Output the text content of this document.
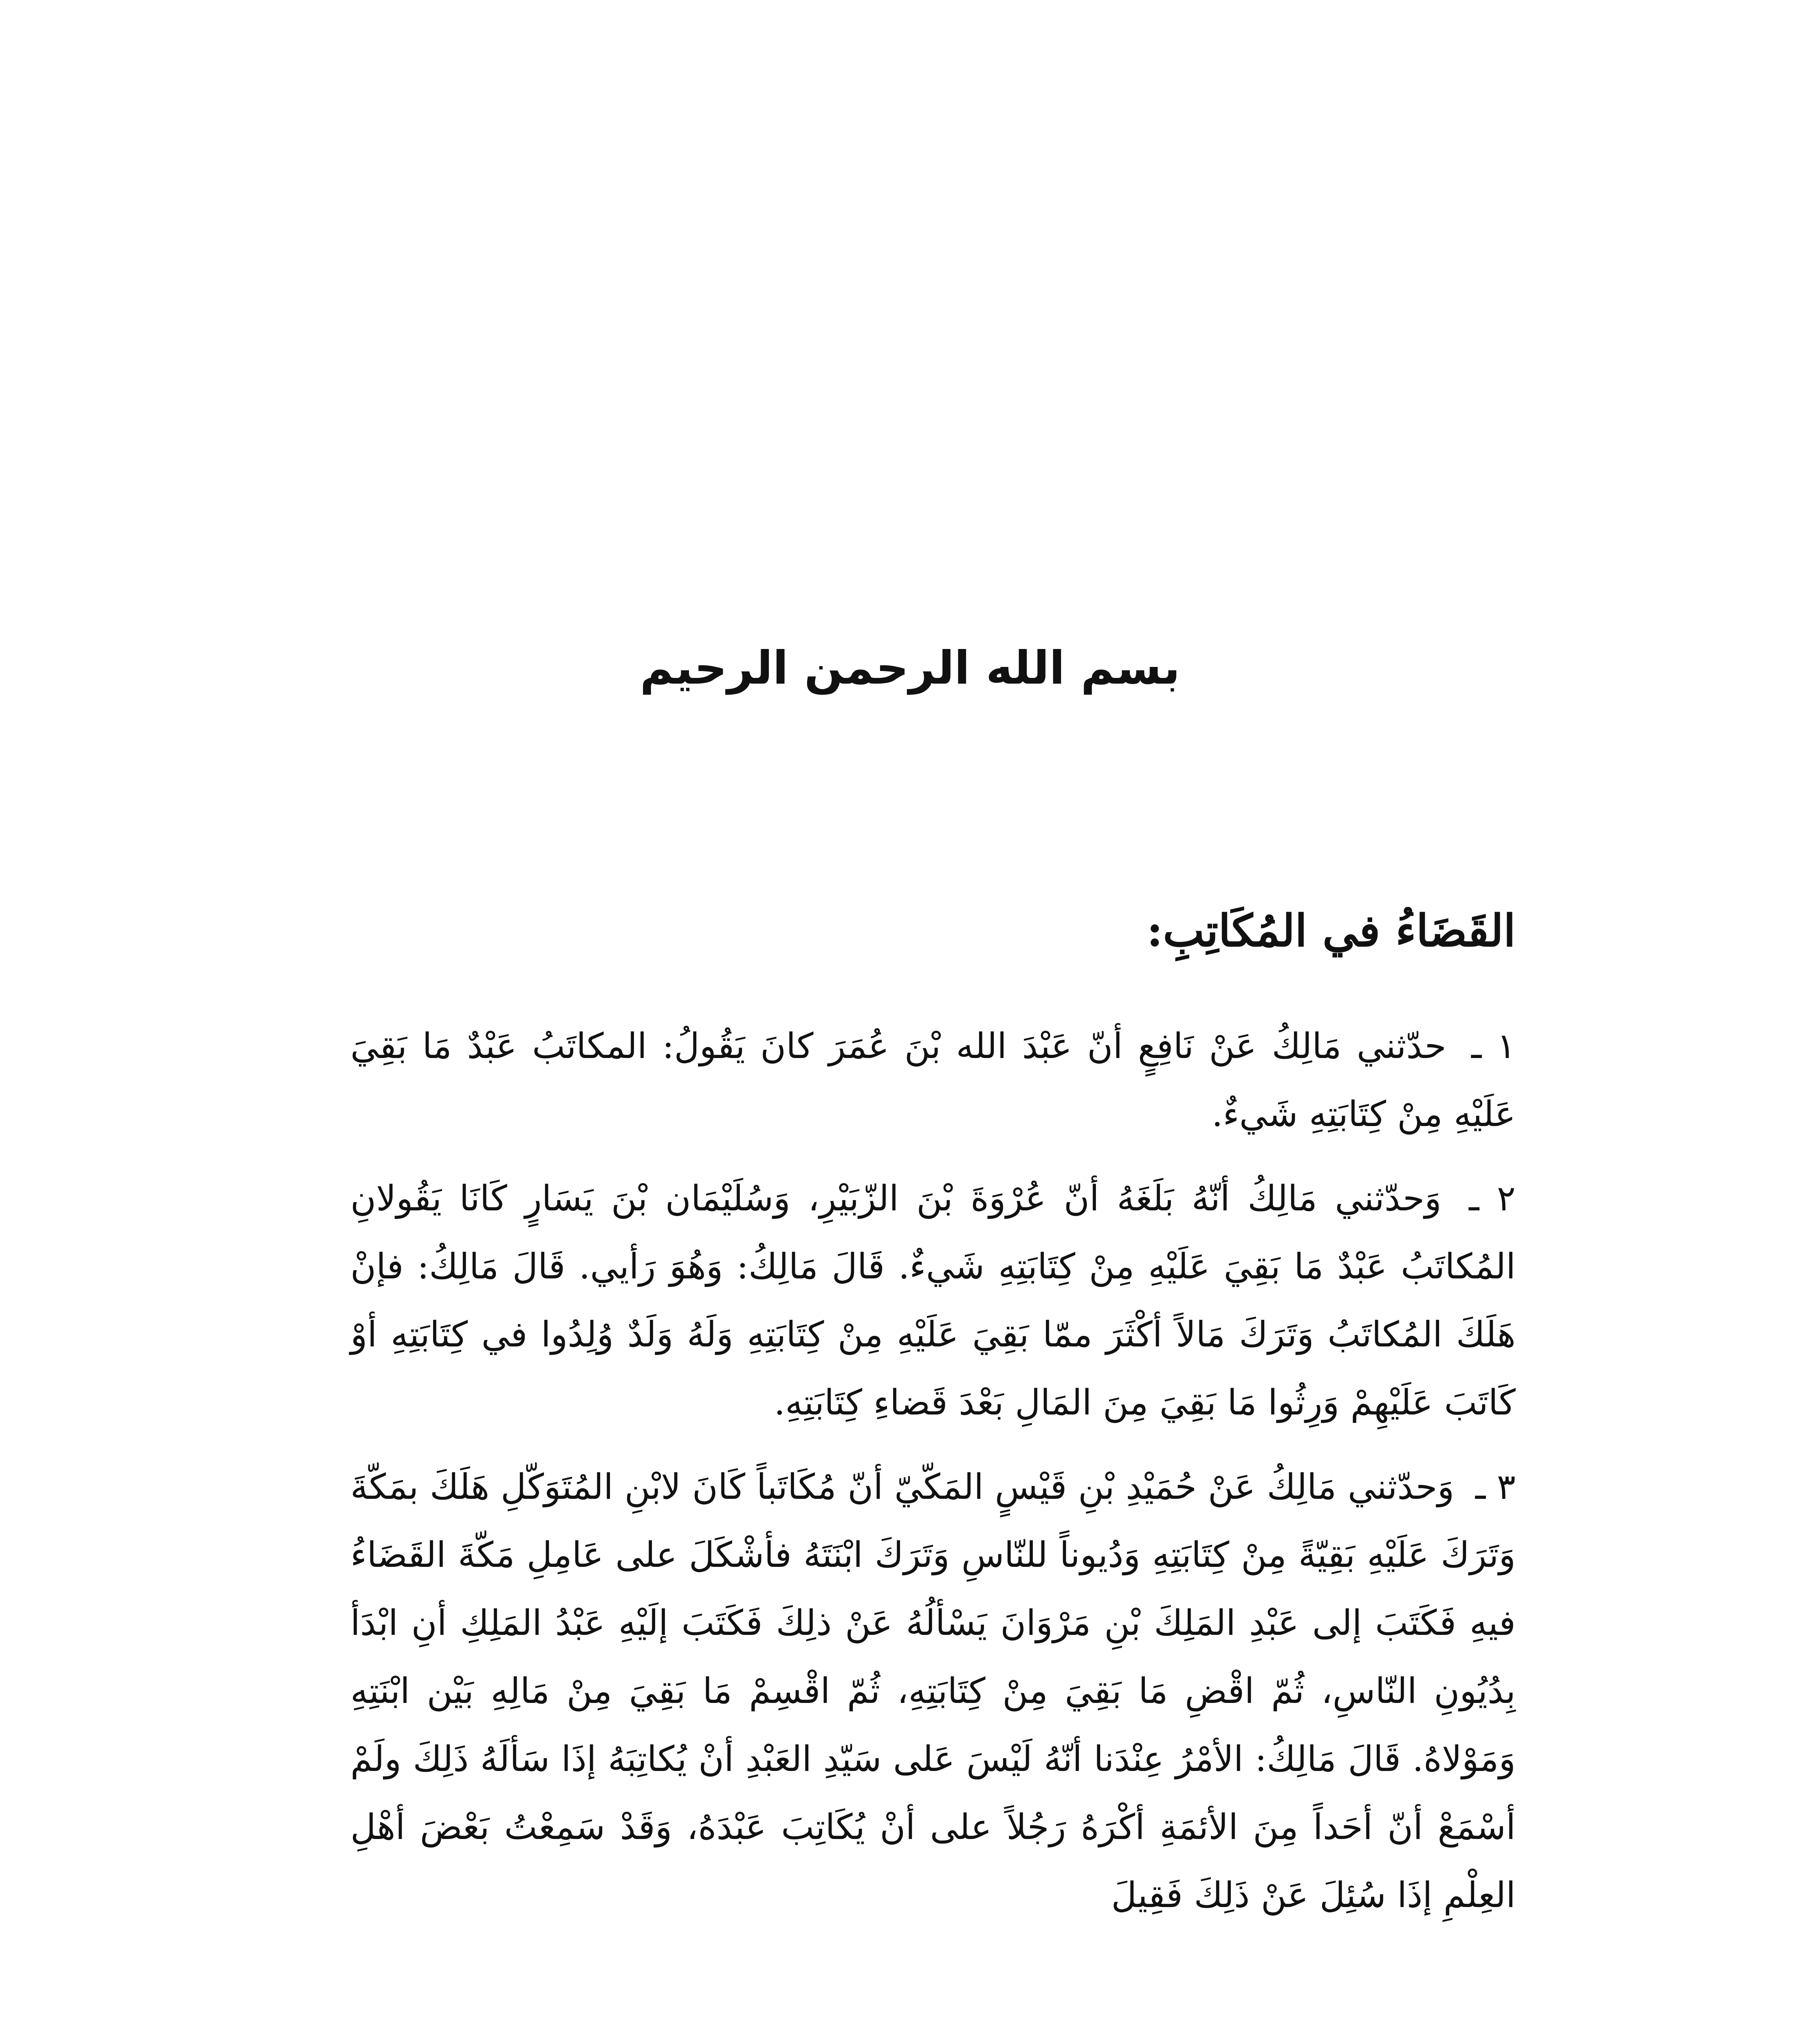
بسم الله الرحمن الرحيم
القَضَاءُ في المُكَاتِبِ:

١ ـ حدّثني مَالِكُ عَنْ نَافِعٍ أنّ عَبْدَ الله بْنَ عُمَرَ كانَ يَقُولُ: المكاتَبُ عَبْدٌ مَا بَقِيَ عَلَيْهِ مِنْ كِتَابَتِهِ شَيءٌ.

٢ ـ وَحدّثني مَالِكُ أنّهُ بَلَغَهُ أنّ عُرْوَةَ بْنَ الزّبَيْرِ، وَسُلَيْمَان بْنَ يَسَارٍ كَانَا يَقُولانِ المُكاتَبُ عَبْدٌ مَا بَقِيَ عَلَيْهِ مِنْ كِتَابَتِهِ شَيءٌ. قَالَ مَالِكُ: وَهُوَ رَأيي. قَالَ مَالِكُ: فإنْ هَلَكَ المُكاتَبُ وَتَرَكَ مَالاً أكْثَرَ ممّا بَقِيَ عَلَيْهِ مِنْ كِتَابَتِهِ وَلَهُ وَلَدٌ وُلِدُوا في كِتَابَتِهِ أوْ كَاتَبَ عَلَيْهِمْ وَرِثُوا مَا بَقِيَ مِنَ المَالِ بَعْدَ قَضاءِ كِتَابَتِهِ.

٣ ـ وَحدّثني مَالِكُ عَنْ حُمَيْدِ بْنِ قَيْسٍ المَكّيّ أنّ مُكَاتَباً كَانَ لابْنِ المُتَوَكّلِ هَلَكَ بمَكّةَ وَتَرَكَ عَلَيْهِ بَقِيّةً مِنْ كِتَابَتِهِ وَدُيوناً للنّاسِ وَتَرَكَ ابْنَتَهُ فأشْكَلَ على عَامِلِ مَكّةَ القَضَاءُ فيهِ فَكَتَبَ إلى عَبْدِ المَلِكَ بْنِ مَرْوَانَ يَسْألُهُ عَنْ ذلِكَ فَكَتَبَ إلَيْهِ عَبْدُ المَلِكِ أنِ ابْدَأ بِدُيُونِ النّاسِ، ثُمّ اقْضِ مَا بَقِيَ مِنْ كِتَابَتِهِ، ثُمّ اقْسِمْ مَا بَقِيَ مِنْ مَالِهِ بَيْن ابْنَتِهِ وَمَوْلاهُ. قَالَ مَالِكُ: الأمْرُ عِنْدَنا أنّهُ لَيْسَ عَلى سَيّدِ العَبْدِ أنْ يُكاتِبَهُ إذَا سَألَهُ ذَلِكَ ولَمْ أسْمَعْ أنّ أحَداً مِنَ الأئمَةِ أكْرَهُ رَجُلاً على أنْ يُكَاتِبَ عَبْدَهُ، وَقَدْ سَمِعْتُ بَعْضَ أهْلِ العِلْمِ إذَا سُئِلَ عَنْ ذَلِكَ فَقِيلَ
